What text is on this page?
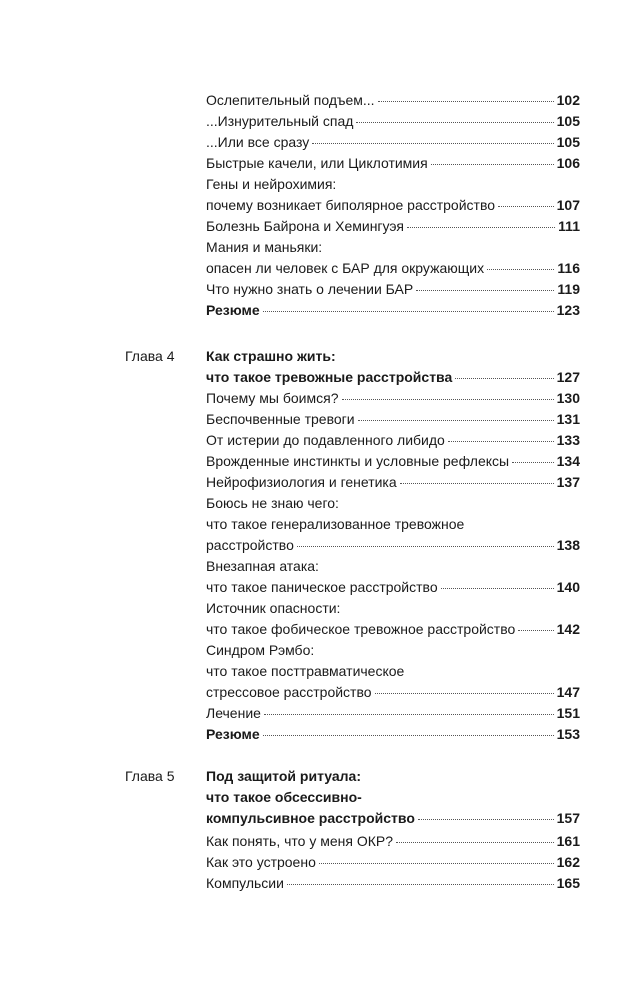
Ослепительный подъем...	102
...Изнурительный спад	105
...Или все сразу	105
Быстрые качели, или Циклотимия	106
Гены и нейрохимия:
почему возникает биполярное расстройство	107
Болезнь Байрона и Хемингуэя	111
Мания и маньяки:
опасен ли человек с БАР для окружающих	116
Что нужно знать о лечении БАР	119
Резюме	123
Глава 4 Как страшно жить:
что такое тревожные расстройства	127
Почему мы боимся?	130
Беспочвенные тревоги	131
От истерии до подавленного либидо	133
Врожденные инстинкты и условные рефлексы	134
Нейрофизиология и генетика	137
Боюсь не знаю чего:
что такое генерализованное тревожное
расстройство	138
Внезапная атака:
что такое паническое расстройство	140
Источник опасности:
что такое фобическое тревожное расстройство	142
Синдром Рэмбо:
что такое посттравматическое
стрессовое расстройство	147
Лечение	151
Резюме	153
Глава 5 Под защитой ритуала:
что такое обсессивно-
компульсивное расстройство	157
Как понять, что у меня ОКР?	161
Как это устроено	162
Компульсии	165
